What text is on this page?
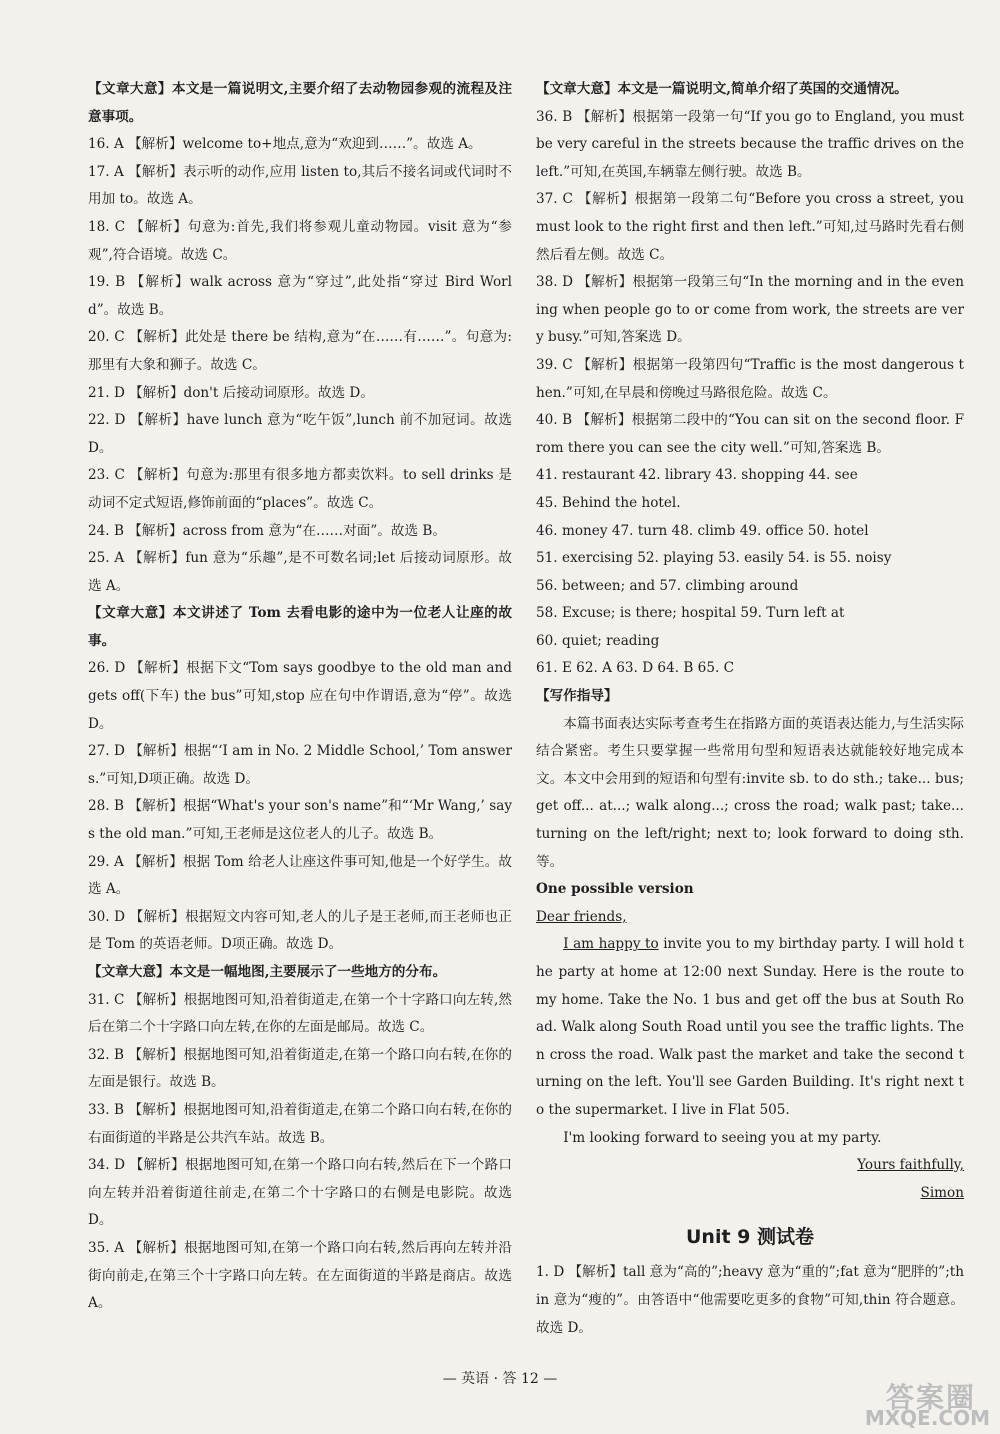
【文章大意】本文是一篇说明文,主要介绍了去动物园参观的流程及注意事项。

16. A 【解析】welcome to+地点,意为“欢迎到……”。故选 A。

17. A 【解析】表示听的动作,应用 listen to,其后不接名词或代词时不用加 to。故选 A。

18. C 【解析】句意为:首先,我们将参观儿童动物园。visit 意为“参观”,符合语境。故选 C。

19. B 【解析】walk across 意为“穿过”,此处指“穿过 Bird World”。故选 B。

20. C 【解析】此处是 there be 结构,意为“在……有……”。句意为:那里有大象和狮子。故选 C。

21. D 【解析】don't 后接动词原形。故选 D。

22. D 【解析】have lunch 意为“吃午饭”,lunch 前不加冠词。故选 D。

23. C 【解析】句意为:那里有很多地方都卖饮料。to sell drinks 是动词不定式短语,修饰前面的“places”。故选 C。

24. B 【解析】across from 意为“在……对面”。故选 B。

25. A 【解析】fun 意为“乐趣”,是不可数名词;let 后接动词原形。故选 A。

【文章大意】本文讲述了 Tom 去看电影的途中为一位老人让座的故事。

26. D 【解析】根据下文“Tom says goodbye to the old man and gets off(下车) the bus”可知,stop 应在句中作谓语,意为“停”。故选 D。

27. D 【解析】根据“‘I am in No. 2 Middle School,’ Tom answers.”可知,D项正确。故选 D。

28. B 【解析】根据“What's your son's name”和“‘Mr Wang,’ says the old man.”可知,王老师是这位老人的儿子。故选 B。

29. A 【解析】根据 Tom 给老人让座这件事可知,他是一个好学生。故选 A。

30. D 【解析】根据短文内容可知,老人的儿子是王老师,而王老师也正是 Tom 的英语老师。D项正确。故选 D。

【文章大意】本文是一幅地图,主要展示了一些地方的分布。

31. C 【解析】根据地图可知,沿着街道走,在第一个十字路口向左转,然后在第二个十字路口向左转,在你的左面是邮局。故选 C。

32. B 【解析】根据地图可知,沿着街道走,在第一个路口向右转,在你的左面是银行。故选 B。

33. B 【解析】根据地图可知,沿着街道走,在第二个路口向右转,在你的右面街道的半路是公共汽车站。故选 B。

34. D 【解析】根据地图可知,在第一个路口向右转,然后在下一个路口向左转并沿着街道往前走,在第二个十字路口的右侧是电影院。故选 D。

35. A 【解析】根据地图可知,在第一个路口向右转,然后再向左转并沿街向前走,在第三个十字路口向左转。在左面街道的半路是商店。故选 A。

【文章大意】本文是一篇说明文,简单介绍了英国的交通情况。

36. B 【解析】根据第一段第一句“If you go to England, you must be very careful in the streets because the traffic drives on the left.”可知,在英国,车辆靠左侧行驶。故选 B。

37. C 【解析】根据第一段第二句“Before you cross a street, you must look to the right first and then left.”可知,过马路时先看右侧然后看左侧。故选 C。

38. D 【解析】根据第一段第三句“In the morning and in the evening when people go to or come from work, the streets are very busy.”可知,答案选 D。

39. C 【解析】根据第一段第四句“Traffic is the most dangerous then.”可知,在早晨和傍晚过马路很危险。故选 C。

40. B 【解析】根据第二段中的“You can sit on the second floor. From there you can see the city well.”可知,答案选 B。

41. restaurant 42. library 43. shopping 44. see

45. Behind the hotel.

46. money 47. turn 48. climb 49. office 50. hotel

51. exercising 52. playing 53. easily 54. is 55. noisy

56. between; and 57. climbing around

58. Excuse; is there; hospital 59. Turn left at

60. quiet; reading

61. E 62. A 63. D 64. B 65. C

【写作指导】

本篇书面表达实际考查考生在指路方面的英语表达能力,与生活实际结合紧密。考生只要掌握一些常用句型和短语表达就能较好地完成本文。本文中会用到的短语和句型有:invite sb. to do sth.; take... bus; get off... at...; walk along...; cross the road; walk past; take... turning on the left/right; next to; look forward to doing sth. 等。

One possible version

Dear friends,

I am happy to invite you to my birthday party. I will hold the party at home at 12:00 next Sunday. Here is the route to my home. Take the No. 1 bus and get off the bus at South Road. Walk along South Road until you see the traffic lights. Then cross the road. Walk past the market and take the second turning on the left. You'll see Garden Building. It's right next to the supermarket. I live in Flat 505.

I'm looking forward to seeing you at my party.

Yours faithfully,

Simon

Unit 9 测试卷

1. D 【解析】tall 意为“高的”;heavy 意为“重的”;fat 意为“肥胖的”;thin 意为“瘦的”。由答语中“他需要吃更多的食物”可知,thin 符合题意。故选 D。

— 英语 · 答 12 —
答案圈
MXQE.COM
